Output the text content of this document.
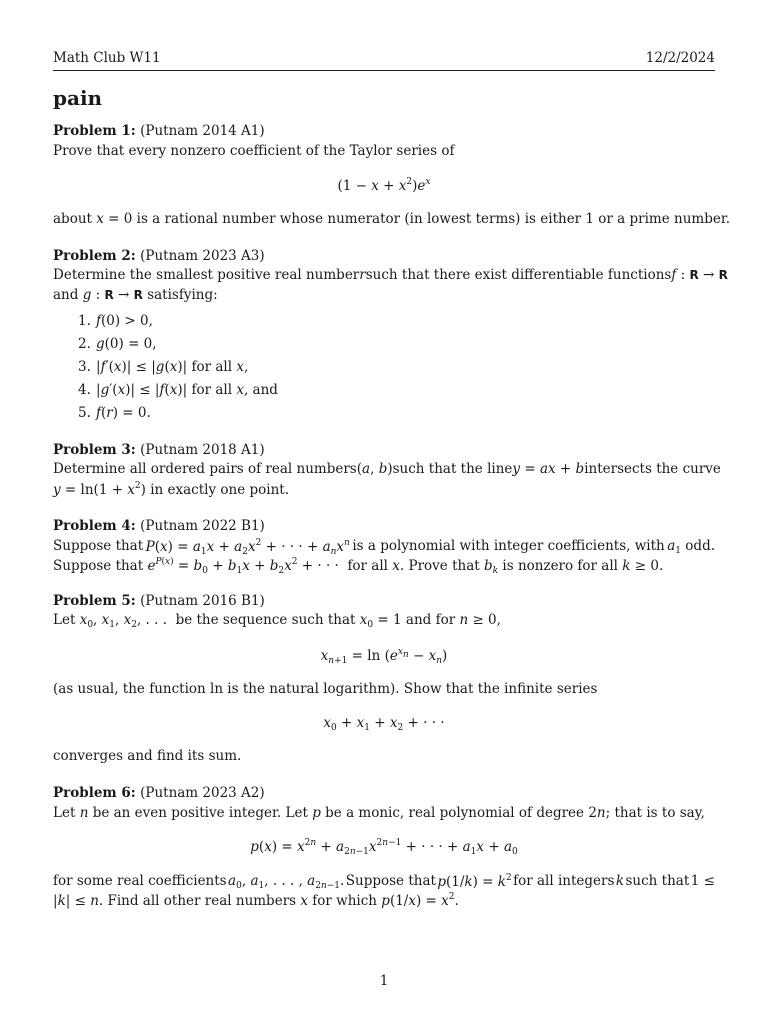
Math Club W11	12/2/2024
pain
Problem 1: (Putnam 2014 A1)
Prove that every nonzero coefficient of the Taylor series of
$(1 - x + x^2)e^x$
about x = 0 is a rational number whose numerator (in lowest terms) is either 1 or a prime number.
Problem 2: (Putnam 2023 A3)
Determine the smallest positive real number r such that there exist differentiable functions f : R → R
and g : R → R satisfying:
1. f(0) > 0,
2. g(0) = 0,
3. |f′(x)| ≤ |g(x)| for all x,
4. |g′(x)| ≤ |f(x)| for all x, and
5. f(r) = 0.
Problem 3: (Putnam 2018 A1)
Determine all ordered pairs of real numbers (a, b) such that the line y = ax + b intersects the curve
$y = \ln(1 + x^2)$ in exactly one point.
Problem 4: (Putnam 2022 B1)
Suppose that $P(x) = a_1x + a_2x^2$ + · · · + $a_nx^n$ is a polynomial with integer coefficients, with $a_1$ odd.
Suppose that $e^{P(x)} = b_0 + b_1x + b_2x^2$ + · · ·  for all x. Prove that $b_k$ is nonzero for all k ≥ 0.
Problem 5: (Putnam 2016 B1)
Let $x_0$, $x_1$, $x_2$, . . .  be the sequence such that $x_0 = 1$ and for n ≥ 0,
$x_{n+1} = \ln (e^{x_n} - x_n)$
(as usual, the function ln is the natural logarithm). Show that the infinite series
$x_0 + x_1 + x_2$ + · · ·
converges and find its sum.
Problem 6: (Putnam 2023 A2)
Let n be an even positive integer. Let p be a monic, real polynomial of degree 2n; that is to say,
$p(x) = x^{2n} + a_{2n-1}x^{2n-1}$ + · · · + $a_1x + a_0$
for some real coefficients $a_0$, $a_1$, . . . , $a_{2n-1}$. Suppose that $p(1/k) = k^2$ for all integers k such that 1 ≤
|k| ≤ n. Find all other real numbers x for which $p(1/x) = x^2$.
1
